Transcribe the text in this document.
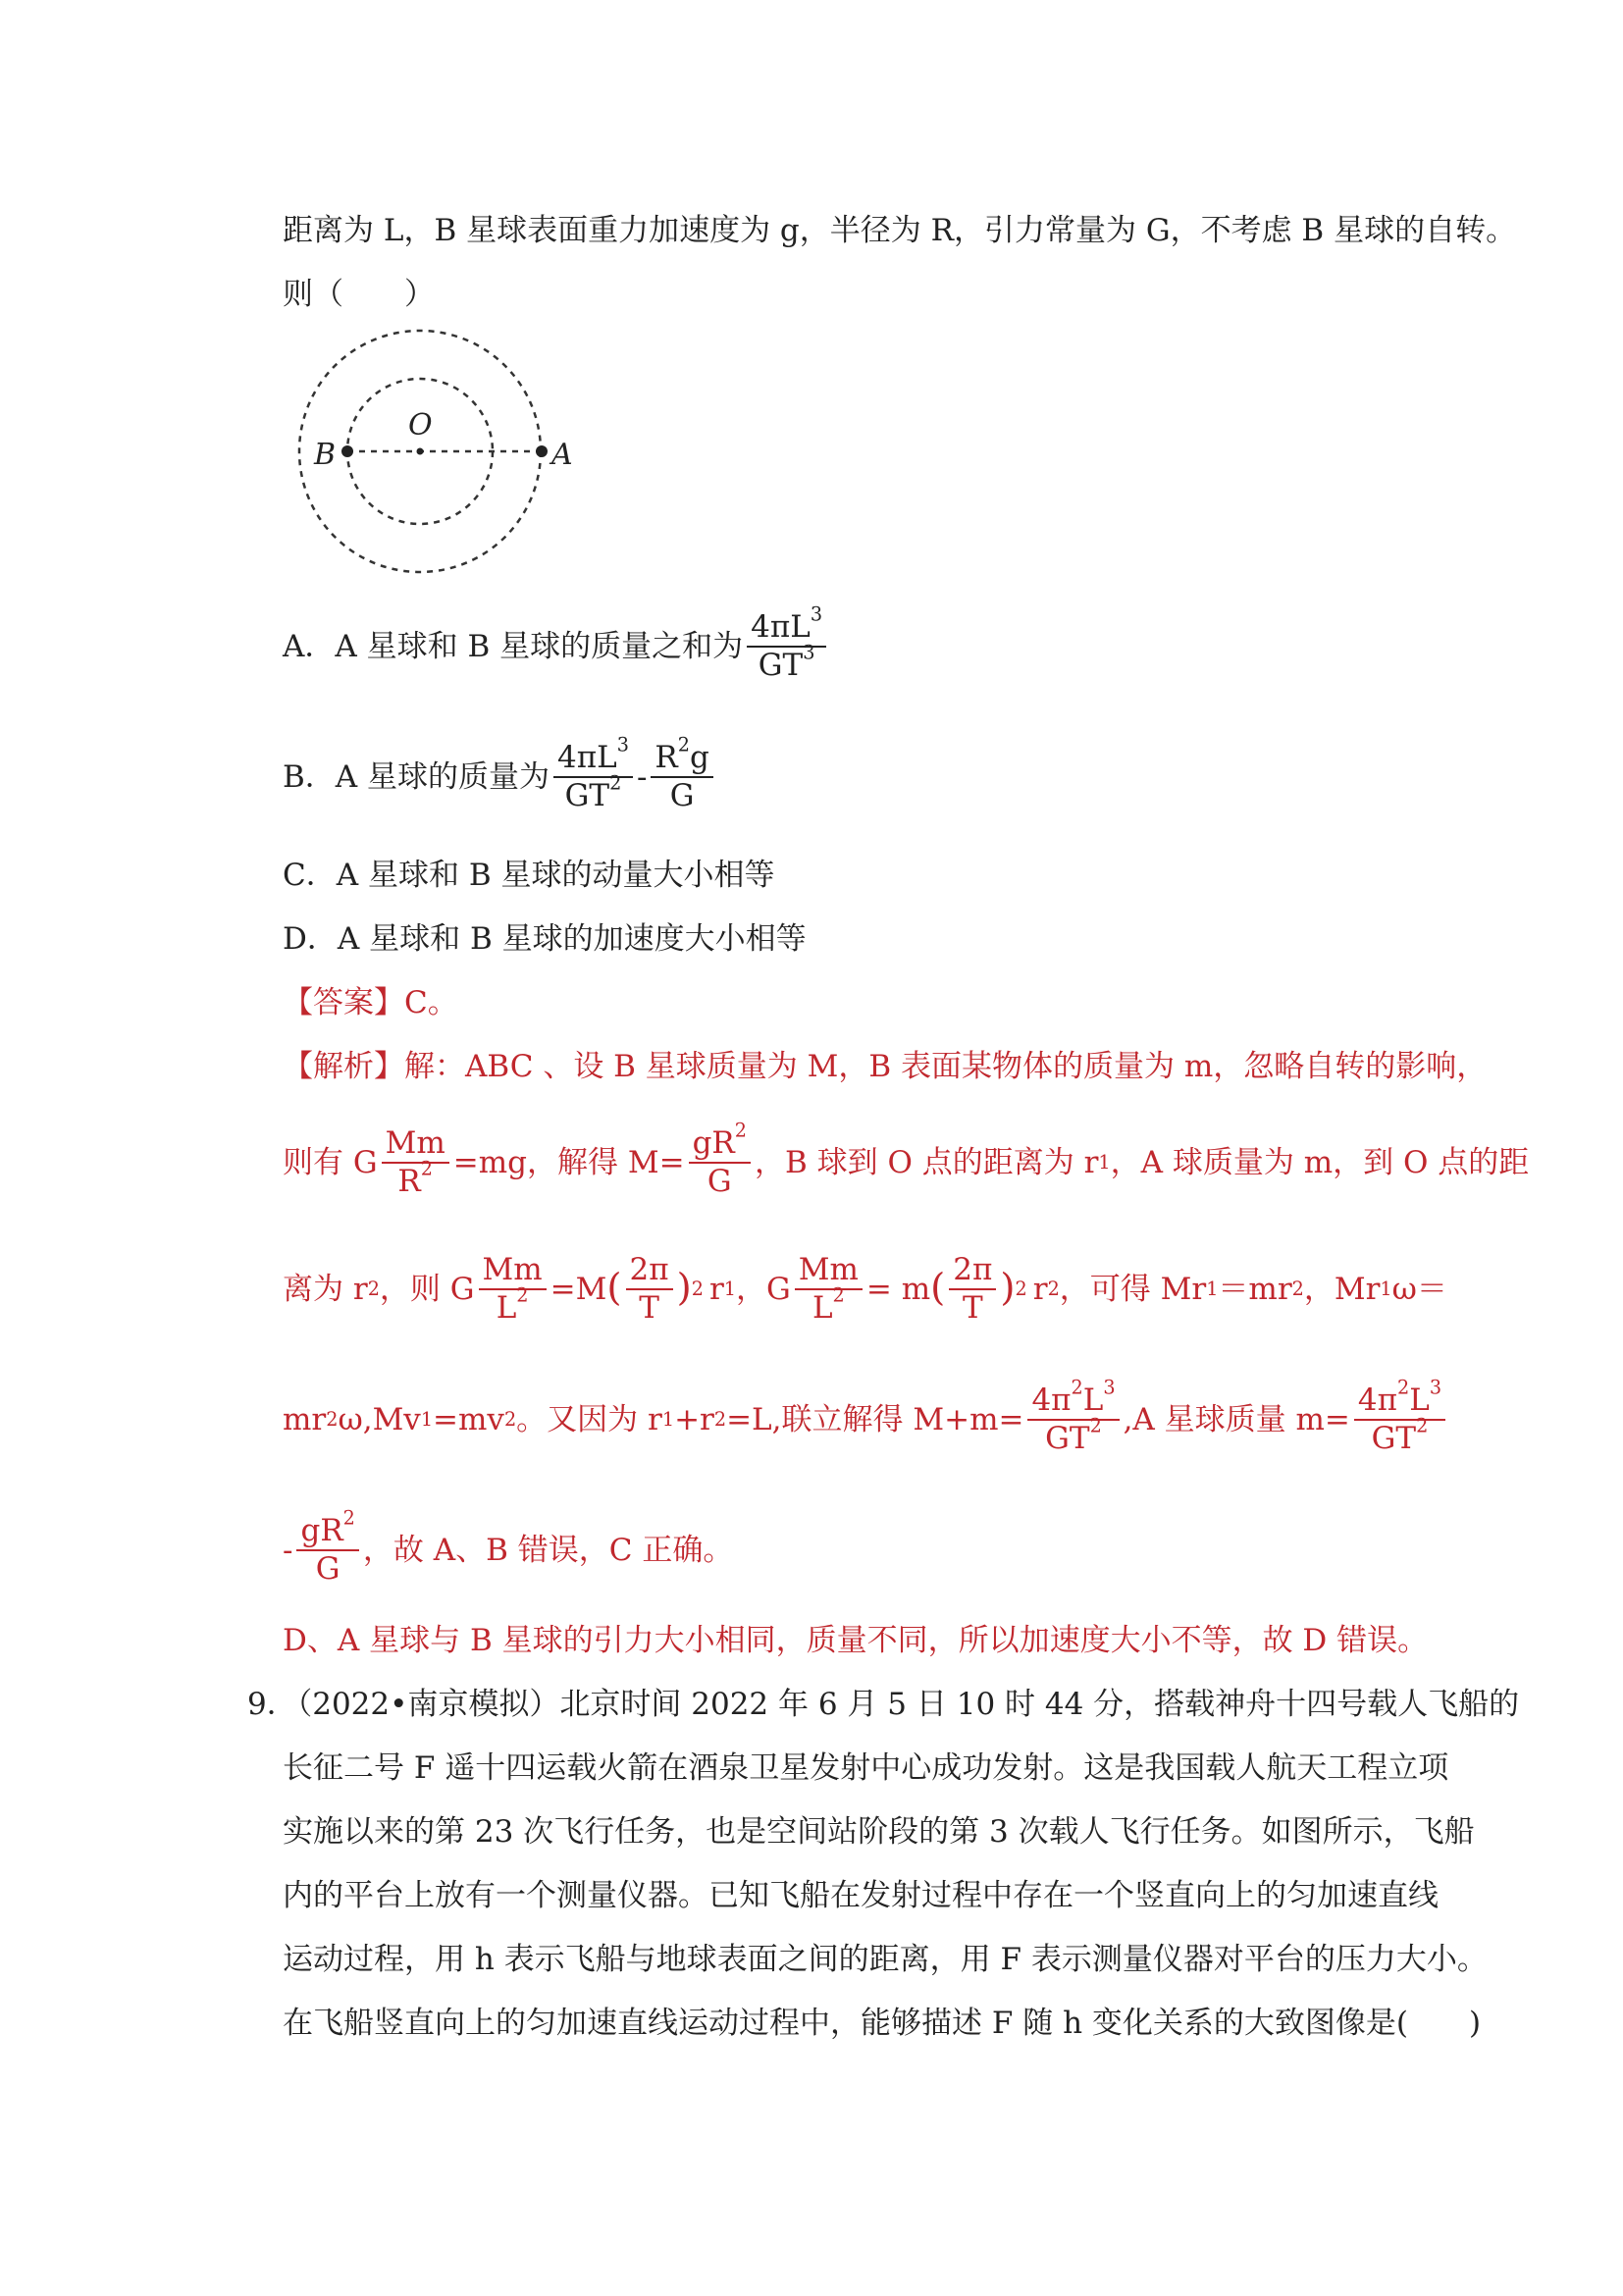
距离为 L，B 星球表面重力加速度为 g，半径为 R，引力常量为 G，不考虑 B 星球的自转。
则（　　）
B
O
A
A．A 星球和 B 星球的质量之和为 $\frac{4\pi L^3}{GT^3}$
B．A 星球的质量为 $\frac{4\pi L^3}{GT^2} - \frac{R^2g}{G}$
C．A 星球和 B 星球的动量大小相等
D．A 星球和 B 星球的加速度大小相等
【答案】C。
【解析】解：ABC 、设 B 星球质量为 M，B 表面某物体的质量为 m，忽略自转的影响，
则有 G $\frac{Mm}{R^2} =mg$，解得 $M= \frac{gR^2}{G}$ ，B 球到 O 点的距离为 r 1 ，A 球质量为 m，到 O 点的距
离为 r 2 ，则 G $\frac{Mm}{L^2} =M$ ( $\frac{2\pi}{T}$ ) 2 r 1 ，G $\frac{Mm}{L^2} = m$ ( $\frac{2\pi}{T}$ ) 2 r 2 ，可得 Mr 1 ＝mr 2 ，Mr 1 ω＝
mr 2 ω,Mv 1 =mv 2 。又因为 r 1 +r 2 =L,联立解得 $M+m= \frac{4\pi^2L^3}{GT^2} ,A$ 星球质量 $m= \frac{4\pi^2L^3}{GT^2}$
- $\frac{gR^2}{G}$ ，故 A、B 错误，C 正确。
D、A 星球与 B 星球的引力大小相同，质量不同，所以加速度大小不等，故 D 错误。
9．（2022•南京模拟）北京时间 2022 年 6 月 5 日 10 时 44 分，搭载神舟十四号载人飞船的
长征二号 F 遥十四运载火箭在酒泉卫星发射中心成功发射。这是我国载人航天工程立项
实施以来的第 23 次飞行任务，也是空间站阶段的第 3 次载人飞行任务。如图所示，飞船
内的平台上放有一个测量仪器。已知飞船在发射过程中存在一个竖直向上的匀加速直线
运动过程，用 h 表示飞船与地球表面之间的距离，用 F 表示测量仪器对平台的压力大小。
在飞船竖直向上的匀加速直线运动过程中，能够描述 F 随 h 变化关系的大致图像是(　　)
